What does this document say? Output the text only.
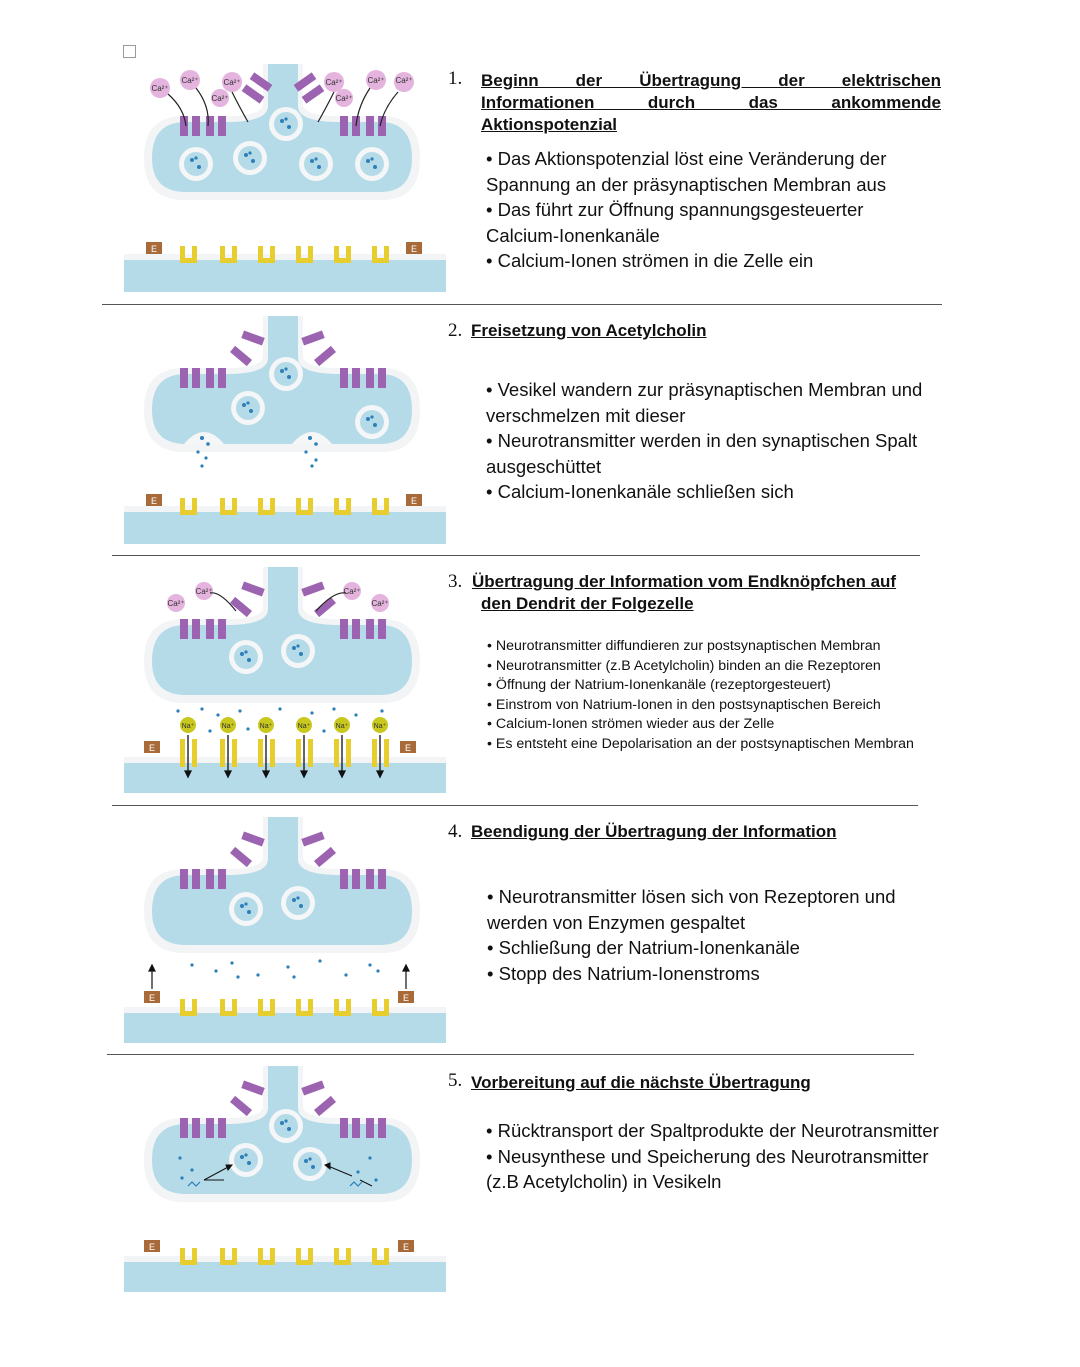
Ca²⁺
Ca²⁺	Ca²⁺
Ca²⁺
Ca²⁺
Ca²⁺
Ca²⁺ Ca²⁺
E	E
1. Beginn der Übertragung der elektrischen
Informationen durch das ankommende
Aktionspotenzial
• Das Aktionspotenzial löst eine Veränderung der
Spannung an der präsynaptischen Membran aus
• Das führt zur Öffnung spannungsgesteuerter
Calcium-Ionenkanäle
• Calcium-Ionen strömen in die Zelle ein
E	E
2. Freisetzung von Acetylcholin
• Vesikel wandern zur präsynaptischen Membran und
verschmelzen mit dieser
• Neurotransmitter werden in den synaptischen Spalt
ausgeschüttet
• Calcium-Ionenkanäle schließen sich
Ca²⁺
Ca²⁺	Ca²⁺
Ca²⁺
Na⁺	Na⁺	Na⁺	Na⁺	Na⁺	Na⁺
E	E
3. Übertragung der Information vom Endknöpfchen auf
den Dendrit der Folgezelle
• Neurotransmitter diffundieren zur postsynaptischen Membran
• Neurotransmitter (z.B Acetylcholin) binden an die Rezeptoren
• Öffnung der Natrium-Ionenkanäle (rezeptorgesteuert)
• Einstrom von Natrium-Ionen in den postsynaptischen Bereich
• Calcium-Ionen strömen wieder aus der Zelle
• Es entsteht eine Depolarisation an der postsynaptischen Membran
E	E
4. Beendigung der Übertragung der Information
• Neurotransmitter lösen sich von Rezeptoren und
werden von Enzymen gespaltet
• Schließung der Natrium-Ionenkanäle
• Stopp des Natrium-Ionenstroms
E	E
5. Vorbereitung auf die nächste Übertragung
• Rücktransport der Spaltprodukte der Neurotransmitter
• Neusynthese und Speicherung des Neurotransmitter
(z.B Acetylcholin) in Vesikeln
